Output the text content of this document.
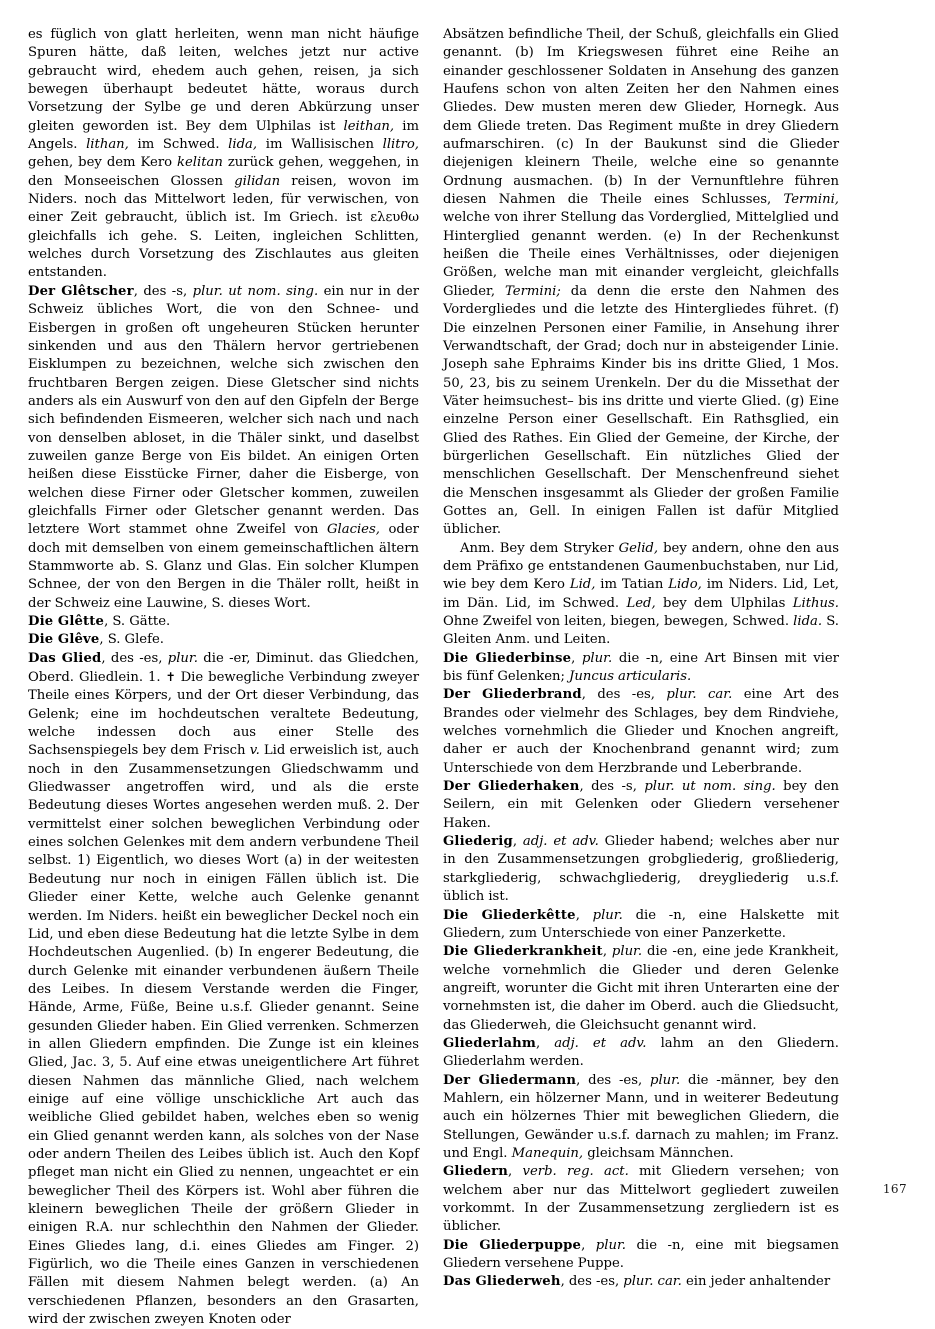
es füglich von glatt herleiten, wenn man nicht häufige Spuren hätte, daß leiten, welches jetzt nur active gebraucht wird, ehedem auch gehen, reisen, ja sich bewegen überhaupt bedeutet hätte, woraus durch Vorsetzung der Sylbe ge und deren Abkürzung unser gleiten geworden ist. Bey dem Ulphilas ist leithan, im Angels. lithan, im Schwed. lida, im Wallisischen llitro, gehen, bey dem Kero kelitan zurück gehen, weggehen, in den Monseeischen Glossen gilidan reisen, wovon im Niders. noch das Mittelwort leden, für verwischen, von einer Zeit gebraucht, üblich ist. Im Griech. ist ελευθω gleichfalls ich gehe. S. Leiten, ingleichen Schlitten, welches durch Vorsetzung des Zischlautes aus gleiten entstanden.

Der Glêtscher, des -s, plur. ut nom. sing. ein nur in der Schweiz übliches Wort, die von den Schnee- und Eisbergen in großen oft ungeheuren Stücken herunter sinkenden und aus den Thälern hervor gertriebenen Eisklumpen zu bezeichnen, welche sich zwischen den fruchtbaren Bergen zeigen. Diese Gletscher sind nichts anders als ein Auswurf von den auf den Gipfeln der Berge sich befindenden Eismeeren, welcher sich nach und nach von denselben abloset, in die Thäler sinkt, und daselbst zuweilen ganze Berge von Eis bildet. An einigen Orten heißen diese Eisstücke Firner, daher die Eisberge, von welchen diese Firner oder Gletscher kommen, zuweilen gleichfalls Firner oder Gletscher genannt werden. Das letztere Wort stammet ohne Zweifel von Glacies, oder doch mit demselben von einem gemeinschaftlichen ältern Stammworte ab. S. Glanz und Glas. Ein solcher Klumpen Schnee, der von den Bergen in die Thäler rollt, heißt in der Schweiz eine Lauwine, S. dieses Wort.

Die Glêtte, S. Gätte.

Die Glêve, S. Glefe.

Das Glied, des -es, plur. die -er, Diminut. das Gliedchen, Oberd. Gliedlein. 1. ✝ Die bewegliche Verbindung zweyer Theile eines Körpers, und der Ort dieser Verbindung, das Gelenk; eine im hochdeutschen veraltete Bedeutung, welche indessen doch aus einer Stelle des Sachsenspiegels bey dem Frisch v. Lid erweislich ist, auch noch in den Zusammensetzungen Gliedschwamm und Gliedwasser angetroffen wird, und als die erste Bedeutung dieses Wortes angesehen werden muß. 2. Der vermittelst einer solchen beweglichen Verbindung oder eines solchen Gelenkes mit dem andern verbundene Theil selbst. 1) Eigentlich, wo dieses Wort (a) in der weitesten Bedeutung nur noch in einigen Fällen üblich ist. Die Glieder einer Kette, welche auch Gelenke genannt werden. Im Niders. heißt ein beweglicher Deckel noch ein Lid, und eben diese Bedeutung hat die letzte Sylbe in dem Hochdeutschen Augenlied. (b) In engerer Bedeutung, die durch Gelenke mit einander verbundenen äußern Theile des Leibes. In diesem Verstande werden die Finger, Hände, Arme, Füße, Beine u.s.f. Glieder genannt. Seine gesunden Glieder haben. Ein Glied verrenken. Schmerzen in allen Gliedern empfinden. Die Zunge ist ein kleines Glied, Jac. 3, 5. Auf eine etwas uneigentlichere Art führet diesen Nahmen das männliche Glied, nach welchem einige auf eine völlige unschickliche Art auch das weibliche Glied gebildet haben, welches eben so wenig ein Glied genannt werden kann, als solches von der Nase oder andern Theilen des Leibes üblich ist. Auch den Kopf pfleget man nicht ein Glied zu nennen, ungeachtet er ein beweglicher Theil des Körpers ist. Wohl aber führen die kleinern beweglichen Theile der größern Glieder in einigen R.A. nur schlechthin den Nahmen der Glieder. Eines Gliedes lang, d.i. eines Gliedes am Finger. 2) Figürlich, wo die Theile eines Ganzen in verschiedenen Fällen mit diesem Nahmen belegt werden. (a) An verschiedenen Pflanzen, besonders an den Grasarten, wird der zwischen zweyen Knoten oder

Absätzen befindliche Theil, der Schuß, gleichfalls ein Glied genannt. (b) Im Kriegswesen führet eine Reihe an einander geschlossener Soldaten in Ansehung des ganzen Haufens schon von alten Zeiten her den Nahmen eines Gliedes. Dew musten meren dew Glieder, Hornegk. Aus dem Gliede treten. Das Regiment mußte in drey Gliedern aufmarschiren. (c) In der Baukunst sind die Glieder diejenigen kleinern Theile, welche eine so genannte Ordnung ausmachen. (b) In der Vernunftlehre führen diesen Nahmen die Theile eines Schlusses, Termini, welche von ihrer Stellung das Vorderglied, Mittelglied und Hinterglied genannt werden. (e) In der Rechenkunst heißen die Theile eines Verhältnisses, oder diejenigen Größen, welche man mit einander vergleicht, gleichfalls Glieder, Termini; da denn die erste den Nahmen des Vordergliedes und die letzte des Hintergliedes führet. (f) Die einzelnen Personen einer Familie, in Ansehung ihrer Verwandtschaft, der Grad; doch nur in absteigender Linie. Joseph sahe Ephraims Kinder bis ins dritte Glied, 1 Mos. 50, 23, bis zu seinem Urenkeln. Der du die Missethat der Väter heimsuchest– bis ins dritte und vierte Glied. (g) Eine einzelne Person einer Gesellschaft. Ein Rathsglied, ein Glied des Rathes. Ein Glied der Gemeine, der Kirche, der bürgerlichen Gesellschaft. Ein nützliches Glied der menschlichen Gesellschaft. Der Menschenfreund siehet die Menschen insgesammt als Glieder der großen Familie Gottes an, Gell. In einigen Fallen ist dafür Mitglied üblicher.

Anm. Bey dem Stryker Gelid, bey andern, ohne den aus dem Präfixo ge entstandenen Gaumenbuchstaben, nur Lid, wie bey dem Kero Lid, im Tatian Lido, im Niders. Lid, Let, im Dän. Lid, im Schwed. Led, bey dem Ulphilas Lithus. Ohne Zweifel von leiten, biegen, bewegen, Schwed. lida. S. Gleiten Anm. und Leiten.

Die Gliederbinse, plur. die -n, eine Art Binsen mit vier bis fünf Gelenken; Juncus articularis.

Der Gliederbrand, des -es, plur. car. eine Art des Brandes oder vielmehr des Schlages, bey dem Rindviehe, welches vornehmlich die Glieder und Knochen angreift, daher er auch der Knochenbrand genannt wird; zum Unterschiede von dem Herzbrande und Leberbrande.

Der Gliederhaken, des -s, plur. ut nom. sing. bey den Seilern, ein mit Gelenken oder Gliedern versehener Haken.

Gliederig, adj. et adv. Glieder habend; welches aber nur in den Zusammensetzungen grobgliederig, großliederig, starkgliederig, schwachgliederig, dreygliederig u.s.f. üblich ist.

Die Gliederkêtte, plur. die -n, eine Halskette mit Gliedern, zum Unterschiede von einer Panzerkette.

Die Gliederkrankheit, plur. die -en, eine jede Krankheit, welche vornehmlich die Glieder und deren Gelenke angreift, worunter die Gicht mit ihren Unterarten eine der vornehmsten ist, die daher im Oberd. auch die Gliedsucht, das Gliederweh, die Gleichsucht genannt wird.

Gliederlahm, adj. et adv. lahm an den Gliedern. Gliederlahm werden.

Der Gliedermann, des -es, plur. die -männer, bey den Mahlern, ein hölzerner Mann, und in weiterer Bedeutung auch ein hölzernes Thier mit beweglichen Gliedern, die Stellungen, Gewänder u.s.f. darnach zu mahlen; im Franz. und Engl. Manequin, gleichsam Männchen.

Gliedern, verb. reg. act. mit Gliedern versehen; von welchem aber nur das Mittelwort gegliedert zuweilen vorkommt. In der Zusammensetzung zergliedern ist es üblicher.

Die Gliederpuppe, plur. die -n, eine mit biegsamen Gliedern versehene Puppe.

Das Gliederweh, des -es, plur. car. ein jeder anhaltender

167
